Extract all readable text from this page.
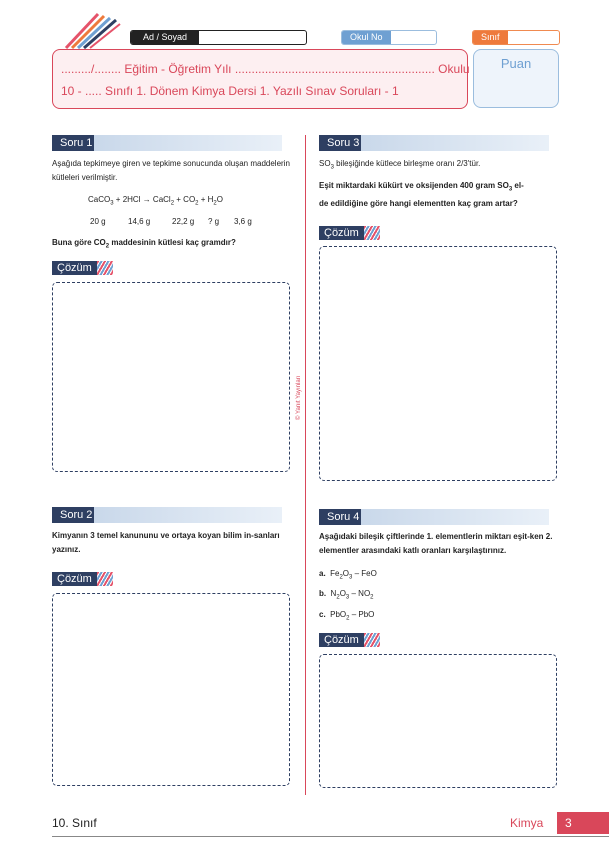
Ad / Soyad	Okul No	Sınıf
........./........ Eğitim - Öğretim Yılı ............................................................ Okulu
10 - ..... Sınıfı 1. Dönem Kimya Dersi 1. Yazılı Sınav Soruları - 1
Puan
© Yanıt Yayınları
Soru 1
Aşağıda tepkimeye giren ve tepkime sonucunda oluşan maddelerin kütleleri verilmiştir.
CaCO$_3$ + 2HCl → CaCl$_2$ + $CO_2 + H_2O$
20 g	14,6 g	22,2 g ? g 3,6 g
Buna göre $CO_2$ maddesinin kütlesi kaç gramdır?
Çözüm
Soru 2
Kimyanın 3 temel kanununu ve ortaya koyan bilim in-sanları yazınız.
Çözüm
Soru 3
$SO_3$ bileşiğinde kütlece birleşme oranı 2/3'tür.
Eşit miktardaki kükürt ve oksijenden 400 gram $SO_3$ el-
de edildiğine göre hangi elementten kaç gram artar?
Çözüm
Soru 4
Aşağıdaki bileşik çiftlerinde 1. elementlerin miktarı eşit-ken 2. elementler arasındaki katlı oranları karşılaştırınız.
a.  $Fe_2O_3$ – FeO
b.  $N_2O_3 - NO_2$
c.  PbO$_2$ – PbO
Çözüm
10. Sınıf	Kimya	3
